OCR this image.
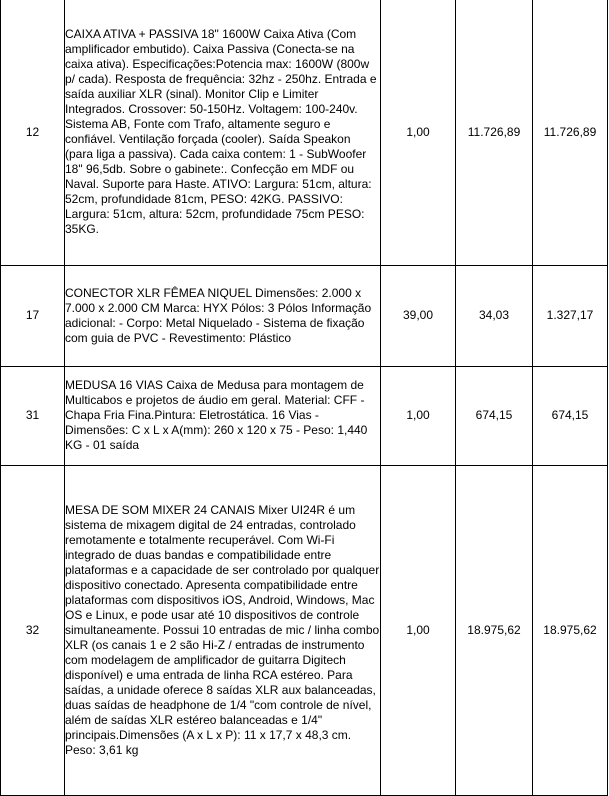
12	CAIXA ATIVA + PASSIVA 18" 1600W Caixa Ativa (Com amplificador embutido). Caixa Passiva (Conecta-se na caixa ativa). Especificações:Potencia max: 1600W (800w p/ cada). Resposta de frequência: 32hz - 250hz. Entrada e saída auxiliar XLR (sinal). Monitor Clip e Limiter Integrados. Crossover: 50-150Hz. Voltagem: 100-240v. Sistema AB, Fonte com Trafo, altamente seguro e confiável. Ventilação forçada (cooler). Saída Speakon (para liga a passiva). Cada caixa contem: 1 - SubWoofer 18" 96,5db. Sobre o gabinete:. Confecção em MDF ou Naval. Suporte para Haste. ATIVO: Largura: 51cm, altura: 52cm, profundidade 81cm, PESO: 42KG. PASSIVO: Largura: 51cm, altura: 52cm, profundidade 75cm PESO: 35KG.	1,00	11.726,89	11.726,89
17	CONECTOR XLR FÊMEA NIQUEL Dimensões: 2.000 x 7.000 x 2.000 CM Marca: HYX Pólos: 3 Pólos Informação adicional: - Corpo: Metal Niquelado - Sistema de fixação com guia de PVC - Revestimento: Plástico	39,00	34,03	1.327,17
31	MEDUSA 16 VIAS Caixa de Medusa para montagem de Multicabos e projetos de áudio em geral. Material: CFF - Chapa Fria Fina.Pintura: Eletrostática. 16 Vias - Dimensões: C x L x A(mm): 260 x 120 x 75 - Peso: 1,440 KG - 01 saída	1,00	674,15	674,15
32	MESA DE SOM MIXER 24 CANAIS Mixer UI24R é um sistema de mixagem digital de 24 entradas, controlado remotamente e totalmente recuperável. Com Wi-Fi integrado de duas bandas e compatibilidade entre plataformas e a capacidade de ser controlado por qualquer dispositivo conectado. Apresenta compatibilidade entre plataformas com dispositivos iOS, Android, Windows, Mac OS e Linux, e pode usar até 10 dispositivos de controle simultaneamente. Possui 10 entradas de mic / linha combo XLR (os canais 1 e 2 são Hi-Z / entradas de instrumento com modelagem de amplificador de guitarra Digitech disponível) e uma entrada de linha RCA estéreo. Para saídas, a unidade oferece 8 saídas XLR aux balanceadas, duas saídas de headphone de 1/4 "com controle de nível, além de saídas XLR estéreo balanceadas e 1/4" principais.Dimensões (A x L x P): 11 x 17,7 x 48,3 cm. Peso: 3,61 kg	1,00	18.975,62	18.975,62
